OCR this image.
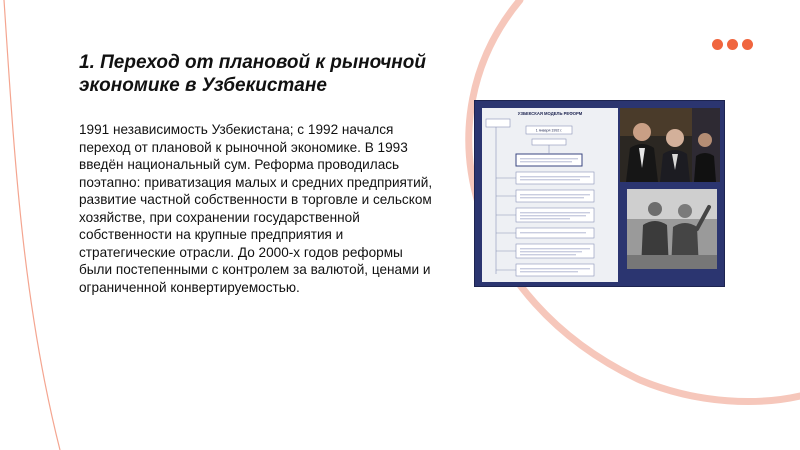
1. Переход от плановой к рыночной экономике в Узбекистане

1991 независимость Узбекистана; с 1992 начался переход от плановой к рыночной экономике. В 1993 введён национальный сум. Реформа проводилась поэтапно: приватизация малых и средних предприятий, развитие частной собственности в торговле и сельском хозяйстве, при сохранении государственной собственности на крупные предприятия и стратегические отрасли. До 2000-х годов реформы были постепенными с контролем за валютой, ценами и ограниченной конвертируемостью.

УЗБЕКСКАЯ МОДЕЛЬ РЕФОРМ
1 января 1992 г.
